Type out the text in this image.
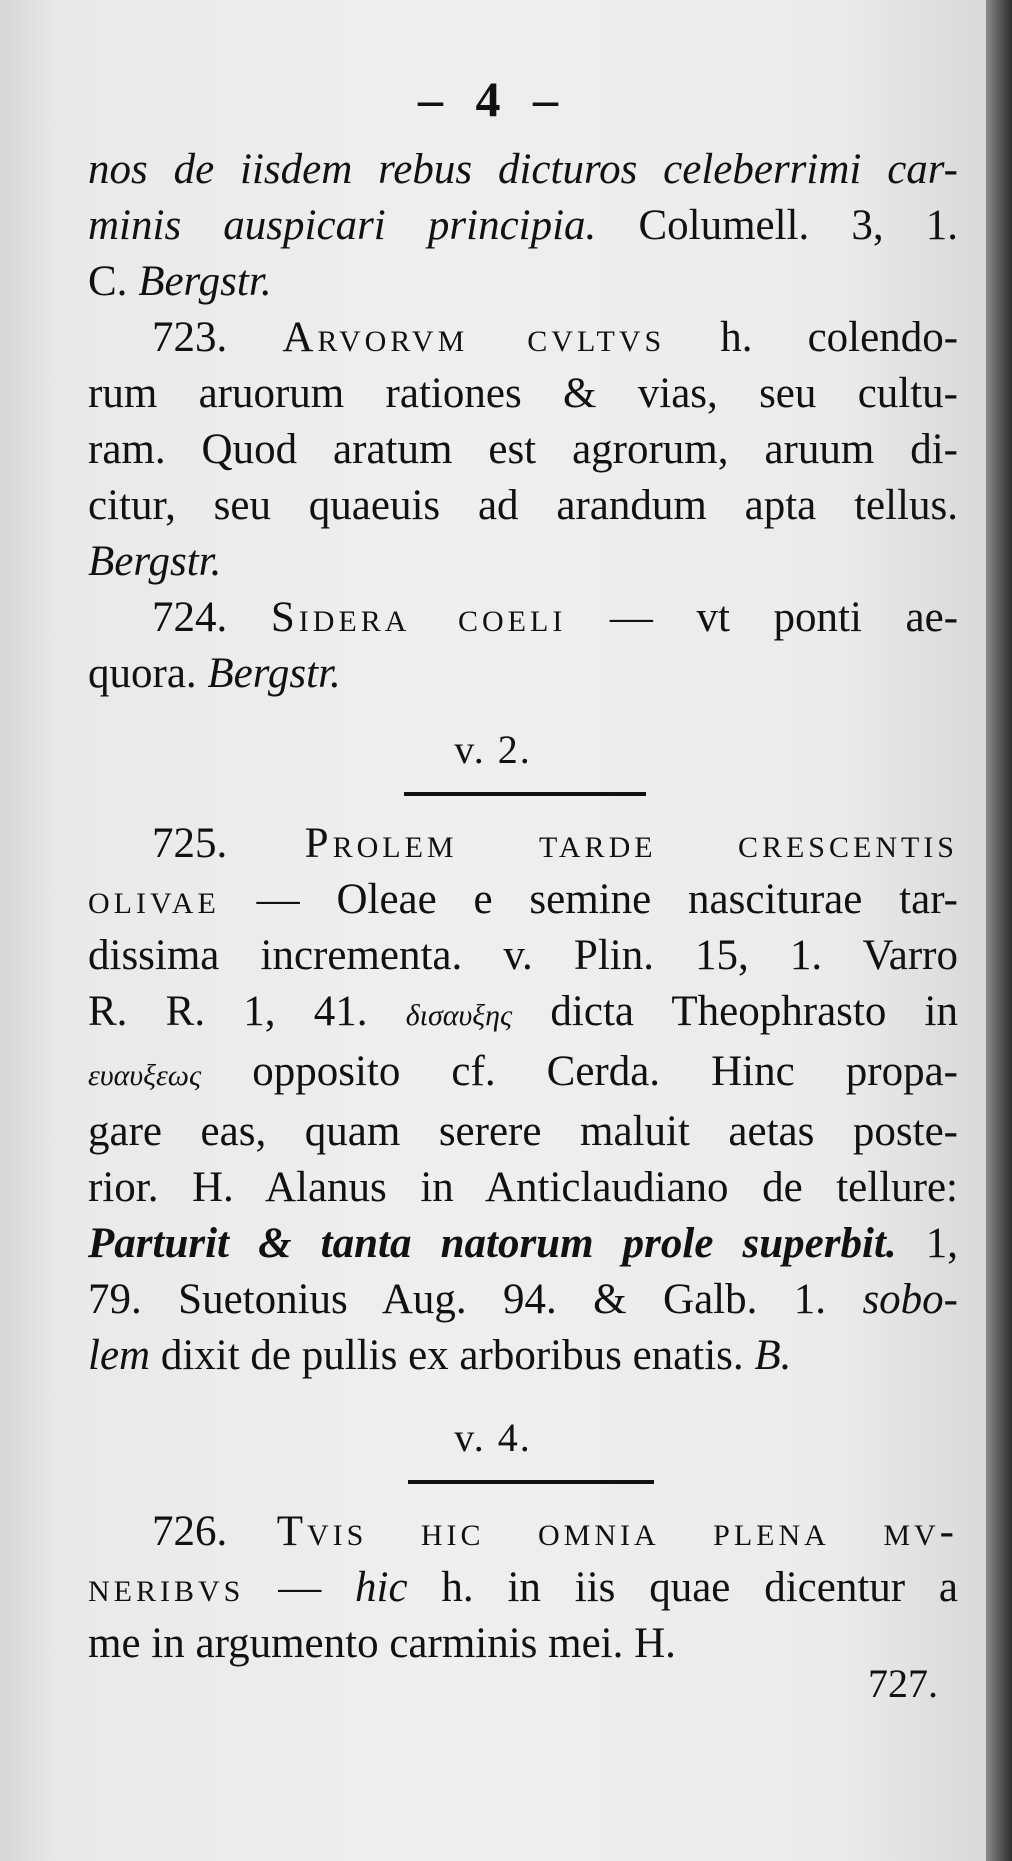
– 4 –
nos de iisdem rebus dicturos celeberrimi car-
minis auspicari principia. Columell. 3, 1.
C. Bergstr.
723. Arvorvm cvltvs h. colendo-
rum aruorum rationes & vias, seu cultu-
ram. Quod aratum est agrorum, aruum di-
citur, seu quaeuis ad arandum apta tellus.
Bergstr.
724. Sidera coeli — vt ponti ae-
quora. Bergstr.
v. 2.
725. Prolem tarde crescentis
olivae — Oleae e semine nasciturae tar-
dissima incrementa. v. Plin. 15, 1. Varro
R. R. 1, 41. δισαυξης dicta Theophrasto in
ευαυξεως opposito cf. Cerda. Hinc propa-
gare eas, quam serere maluit aetas poste-
rior. H. Alanus in Anticlaudiano de tellure:
Parturit & tanta natorum prole superbit. 1,
79. Suetonius Aug. 94. & Galb. 1. sobo-
lem dixit de pullis ex arboribus enatis. B.
v. 4.
726. Tvis hic omnia plena mv-
neribvs — hic h. in iis quae dicentur a
me in argumento carminis mei. H.
727.
